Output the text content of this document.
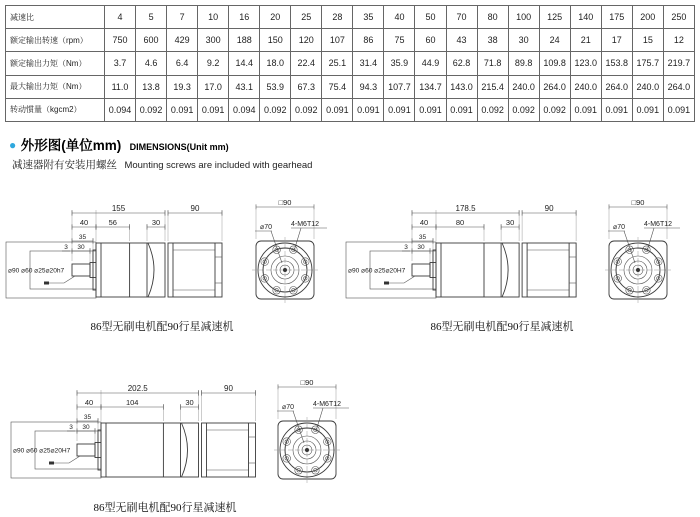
减速比	4	5	7	10	16	20	25	28	35	40	50	70	80	100	125	140	175	200	250
额定输出转速（rpm）	750	600	429	300	188	150	120	107	86	75	60	43	38	30	24	21	17	15	12
额定输出力矩（Nm）	3.7	4.6	6.4	9.2	14.4	18.0	22.4	25.1	31.4	35.9	44.9	62.8	71.8	89.8	109.8	123.0	153.8	175.7	219.7
最大输出力矩（Nm）	11.0	13.8	19.3	17.0	43.1	53.9	67.3	75.4	94.3	107.7	134.7	143.0	215.4	240.0	264.0	240.0	264.0	240.0	264.0
转动惯量（kgcm2）	0.094	0.092	0.091	0.091	0.094	0.092	0.092	0.091	0.091	0.091	0.091	0.091	0.092	0.092	0.092	0.091	0.091	0.091	0.091
● 外形图(单位mm) DIMENSIONS(Unit mm)
减速器附有安装用螺丝 Mounting screws are included with gearhead
155	90
40	56	30
35
30
3
⌀90 ⌀60 ⌀25⌀20h7
□90
⌀70	4-M6T12
86型无刷电机配90行星减速机
178.5	90
40	80	30
35
30
3
⌀90 ⌀60 ⌀25⌀20H7
□90
⌀70	4-M6T12
86型无刷电机配90行星减速机
202.5	90
40	104	30
35
30
3
⌀90 ⌀60 ⌀25⌀20H7
□90
⌀70	4-M6T12
86型无刷电机配90行星减速机
